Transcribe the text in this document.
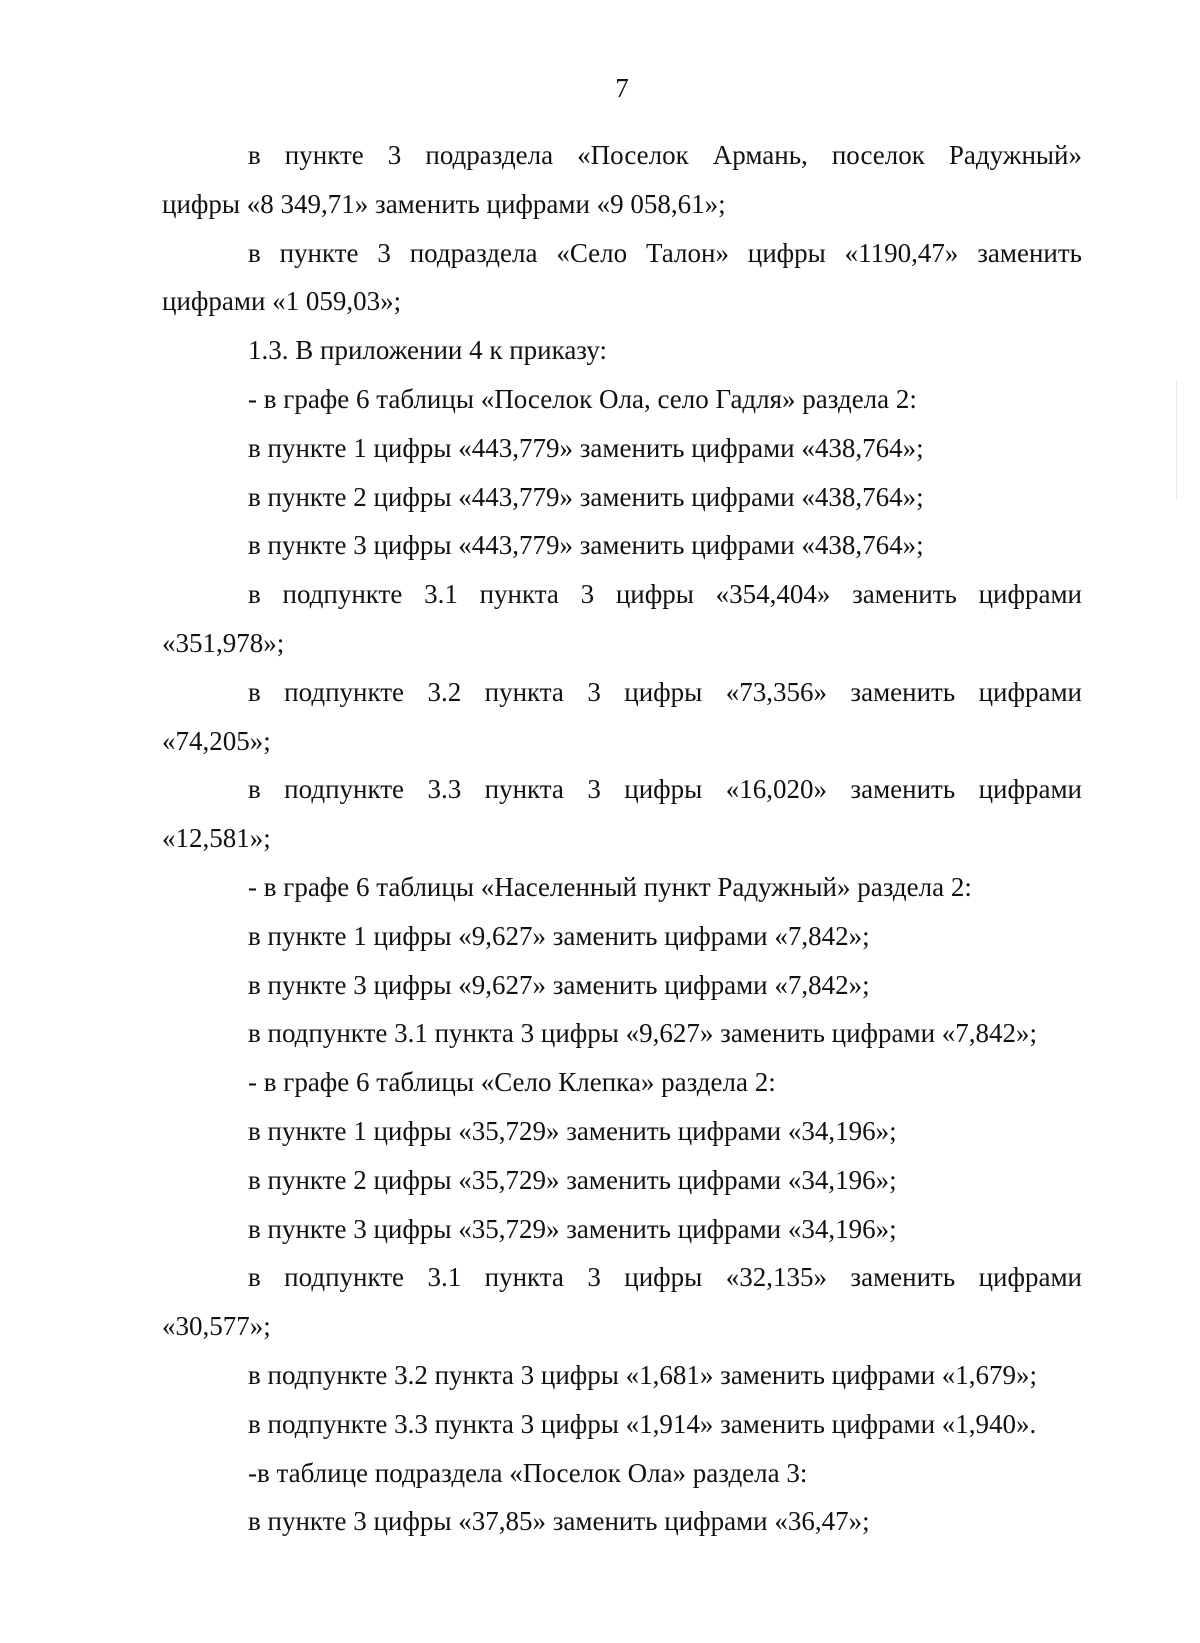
7
в пункте 3 подраздела «Поселок Армань, поселок Радужный»
цифры «8 349,71» заменить цифрами «9 058,61»;
в пункте 3 подраздела «Село Талон» цифры «1190,47» заменить
цифрами «1 059,03»;
1.3. В приложении 4 к приказу:
- в графе 6 таблицы «Поселок Ола, село Гадля» раздела 2:
в пункте 1 цифры «443,779» заменить цифрами «438,764»;
в пункте 2 цифры «443,779» заменить цифрами «438,764»;
в пункте 3 цифры «443,779» заменить цифрами «438,764»;
в подпункте 3.1 пункта 3 цифры «354,404» заменить цифрами
«351,978»;
в подпункте 3.2 пункта 3 цифры «73,356» заменить цифрами
«74,205»;
в подпункте 3.3 пункта 3 цифры «16,020» заменить цифрами
«12,581»;
- в графе 6 таблицы «Населенный пункт Радужный» раздела 2:
в пункте 1 цифры «9,627» заменить цифрами «7,842»;
в пункте 3 цифры «9,627» заменить цифрами «7,842»;
в подпункте 3.1 пункта 3 цифры «9,627» заменить цифрами «7,842»;
- в графе 6 таблицы «Село Клепка» раздела 2:
в пункте 1 цифры «35,729» заменить цифрами «34,196»;
в пункте 2 цифры «35,729» заменить цифрами «34,196»;
в пункте 3 цифры «35,729» заменить цифрами «34,196»;
в подпункте 3.1 пункта 3 цифры «32,135» заменить цифрами
«30,577»;
в подпункте 3.2 пункта 3 цифры «1,681» заменить цифрами «1,679»;
в подпункте 3.3 пункта 3 цифры «1,914» заменить цифрами «1,940».
-в таблице подраздела «Поселок Ола» раздела 3:
в пункте 3 цифры «37,85» заменить цифрами «36,47»;
